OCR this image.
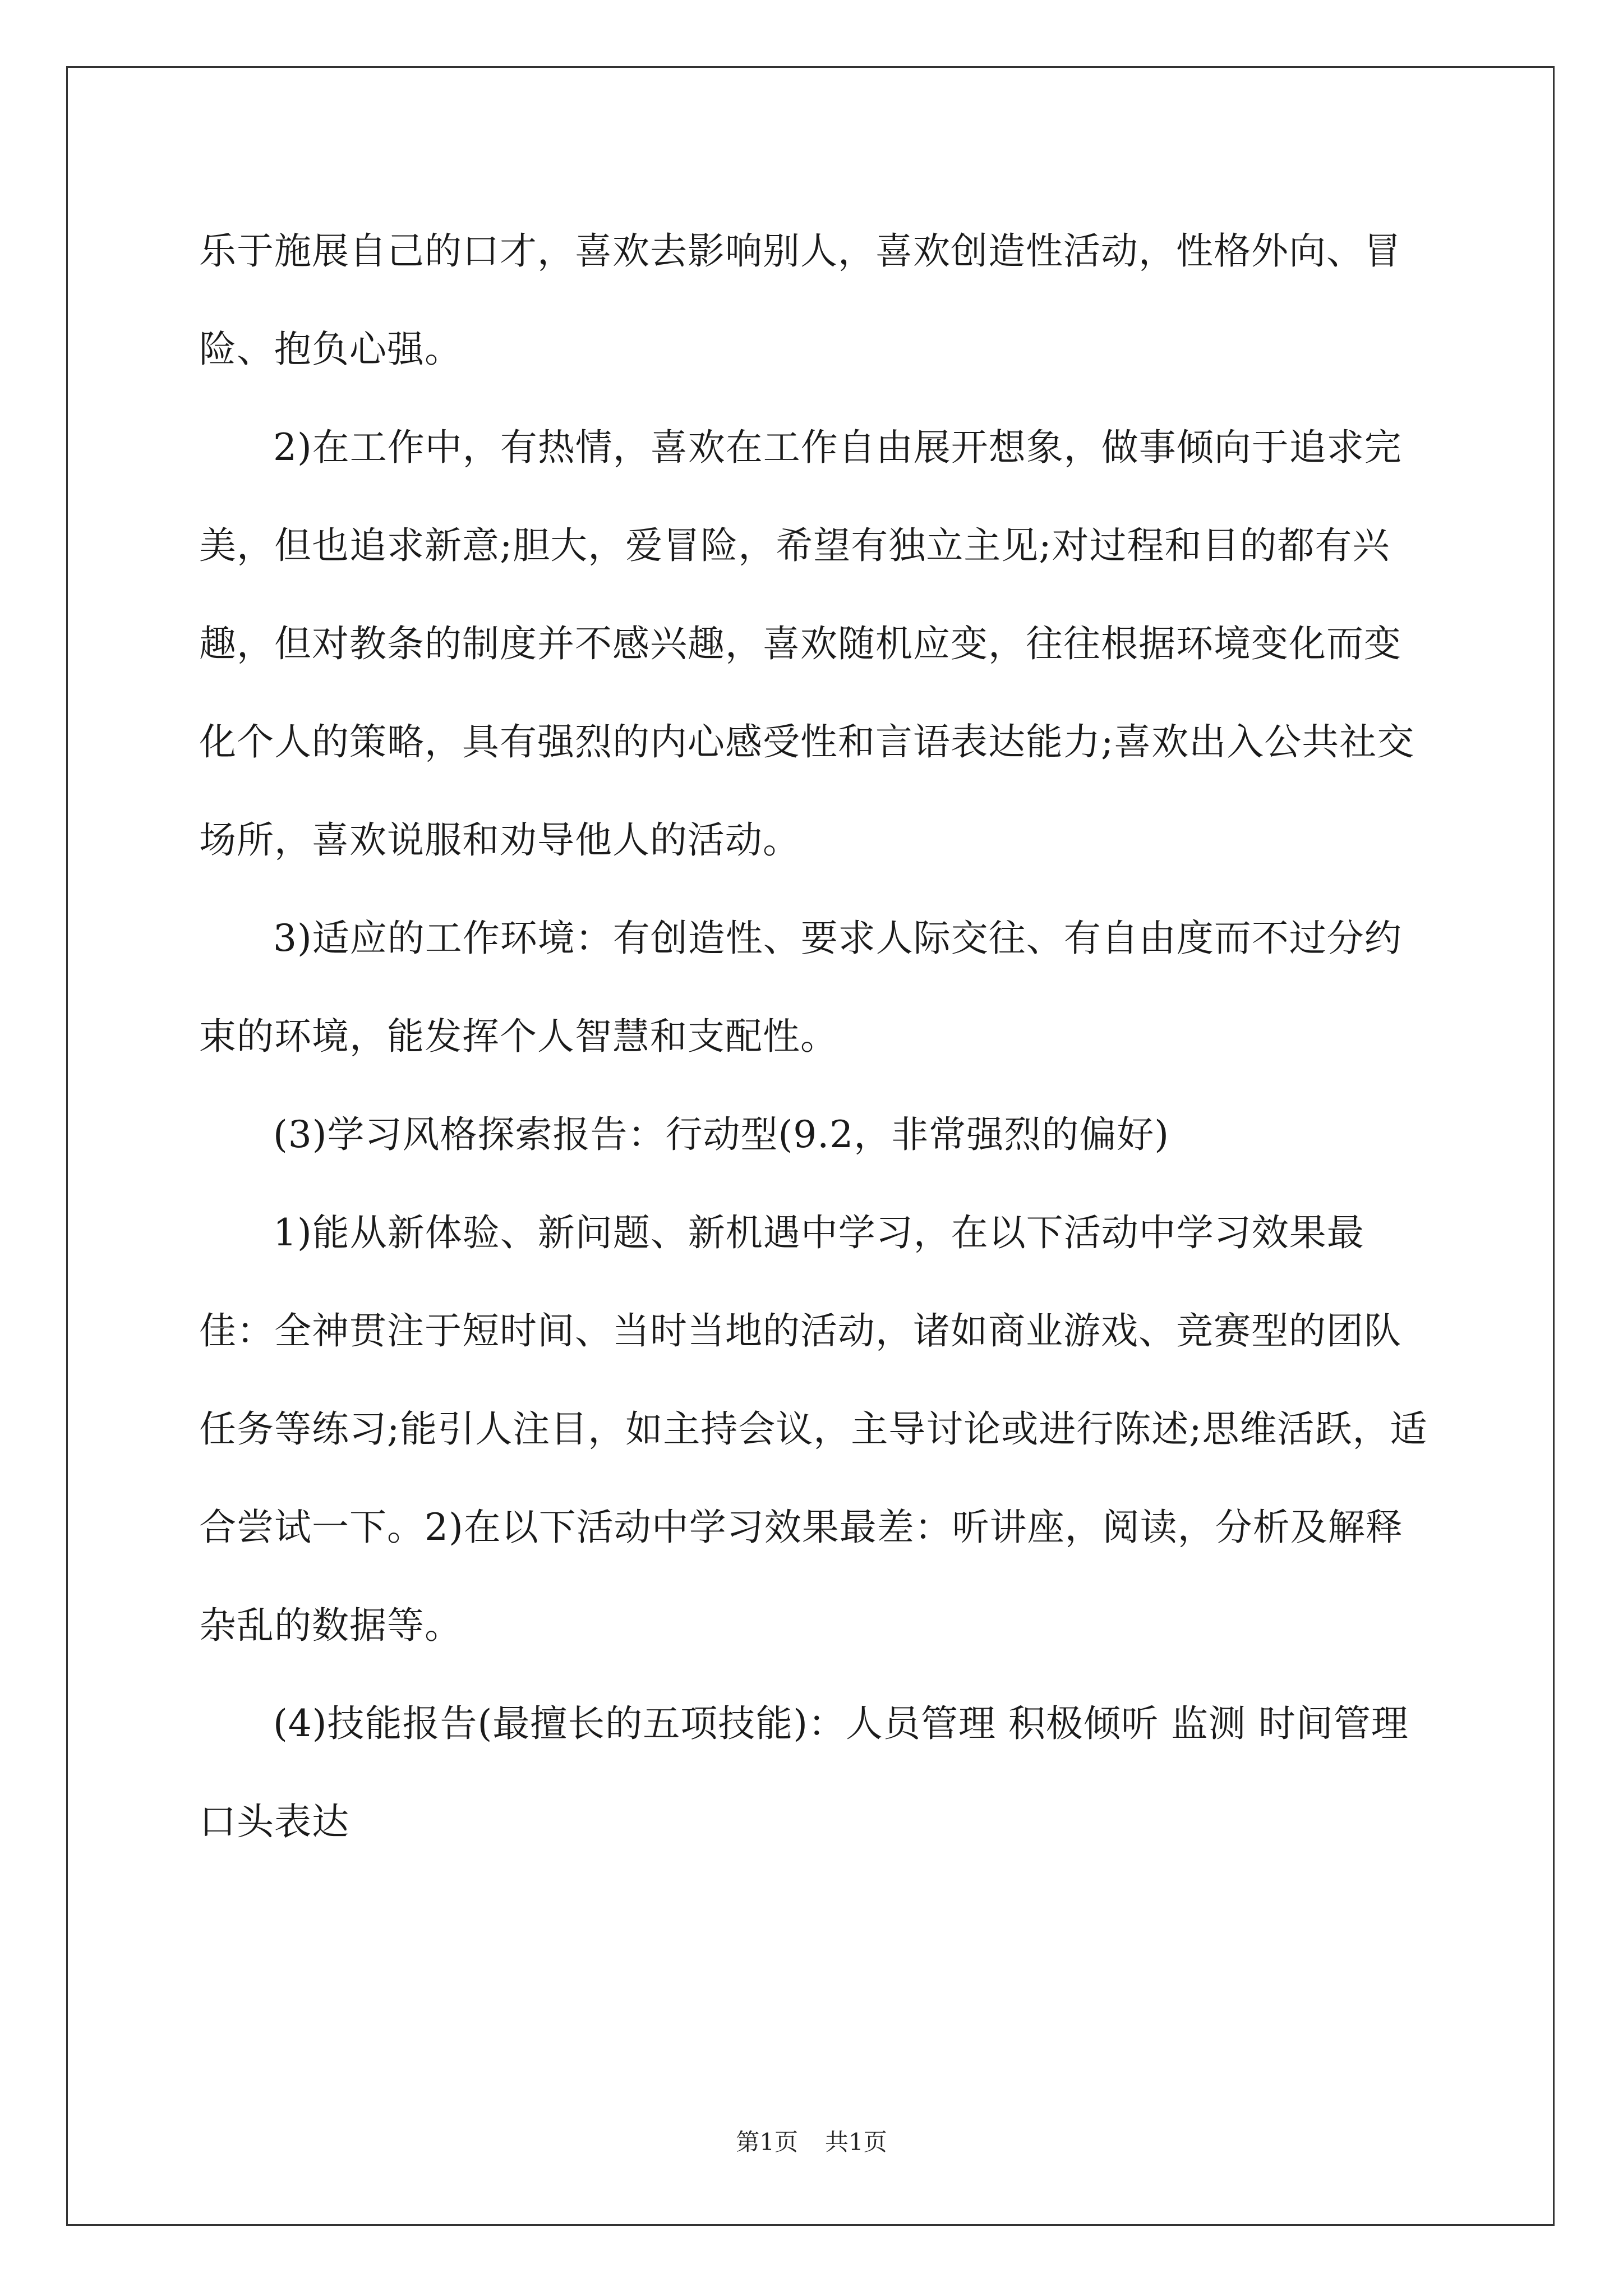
乐于施展自己的口才，喜欢去影响别人，喜欢创造性活动，性格外向、冒险、抱负心强。

2)在工作中，有热情，喜欢在工作自由展开想象，做事倾向于追求完美，但也追求新意;胆大，爱冒险，希望有独立主见;对过程和目的都有兴趣，但对教条的制度并不感兴趣，喜欢随机应变，往往根据环境变化而变化个人的策略，具有强烈的内心感受性和言语表达能力;喜欢出入公共社交场所，喜欢说服和劝导他人的活动。

3)适应的工作环境：有创造性、要求人际交往、有自由度而不过分约束的环境，能发挥个人智慧和支配性。

(3)学习风格探索报告：行动型(9.2，非常强烈的偏好)

1)能从新体验、新问题、新机遇中学习，在以下活动中学习效果最佳：全神贯注于短时间、当时当地的活动，诸如商业游戏、竞赛型的团队任务等练习;能引人注目，如主持会议，主导讨论或进行陈述;思维活跃，适合尝试一下。2)在以下活动中学习效果最差：听讲座，阅读，分析及解释杂乱的数据等。

(4)技能报告(最擅长的五项技能)：人员管理 积极倾听 监测 时间管理 口头表达

第1页 共1页
